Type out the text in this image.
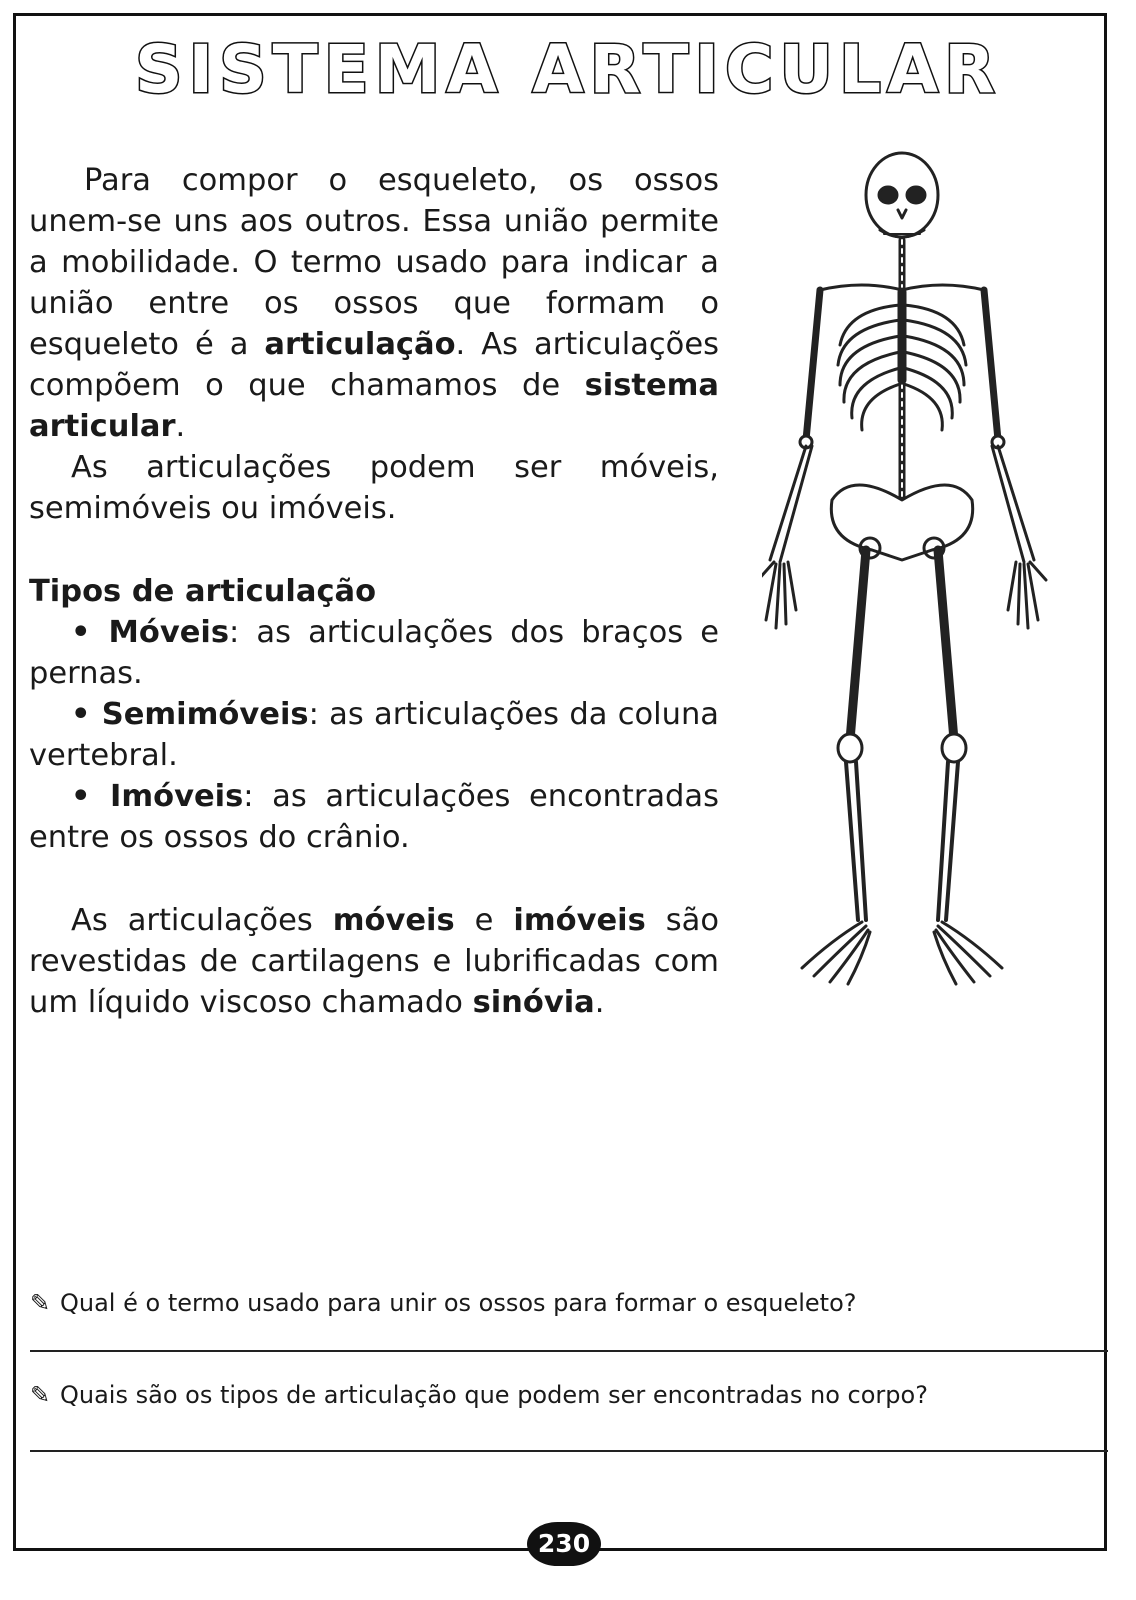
SISTEMA ARTICULAR

Para compor o esqueleto, os ossos unem-se uns aos outros. Essa união permite a mobilidade. O termo usado para indicar a união entre os ossos que formam o esqueleto é a articulação. As articulações compõem o que chamamos de sistema articular.

As articulações podem ser móveis, semimóveis ou imóveis.

Tipos de articulação

• Móveis: as articulações dos braços e pernas.

• Semimóveis: as articulações da coluna vertebral.

• Imóveis: as articulações encontradas entre os ossos do crânio.

As articulações móveis e imóveis são revestidas de cartilagens e lubrificadas com um líquido viscoso chamado sinóvia.

✎ Qual é o termo usado para unir os ossos para formar o esqueleto?
✎ Quais são os tipos de articulação que podem ser encontradas no corpo?
230
